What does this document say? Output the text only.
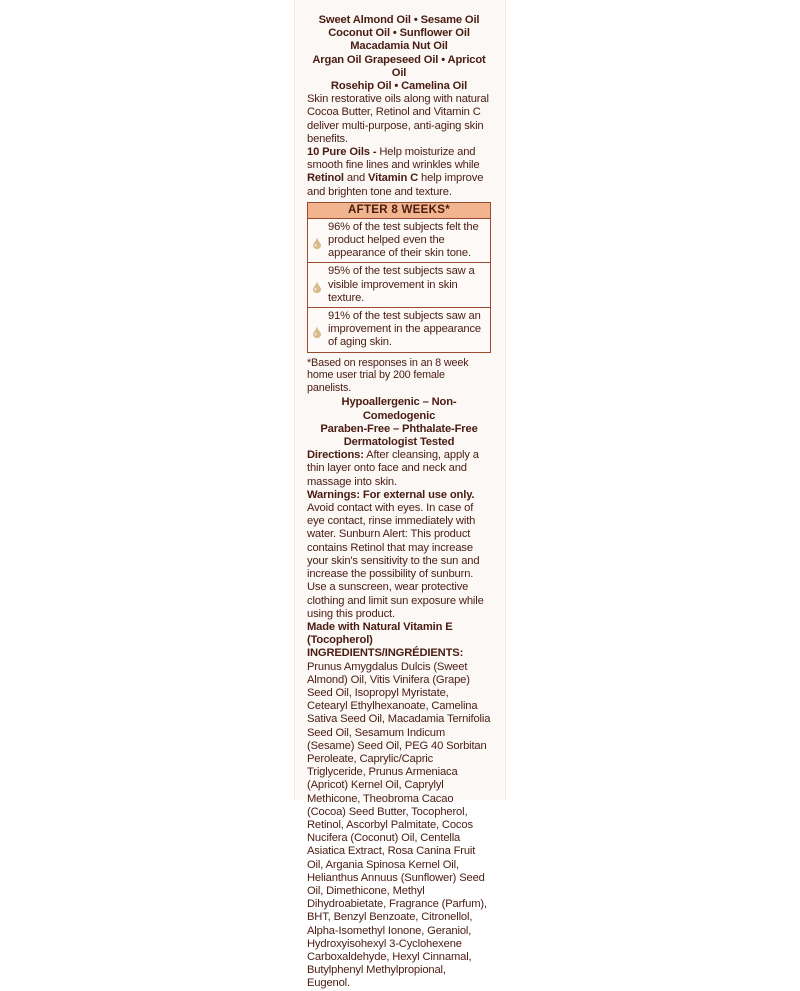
Sweet Almond Oil • Sesame Oil
Coconut Oil • Sunflower Oil
Macadamia Nut Oil
Argan Oil Grapeseed Oil • Apricot Oil
Rosehip Oil • Camelina Oil

Skin restorative oils along with natural Cocoa Butter, Retinol and Vitamin C deliver multi-purpose, anti-aging skin benefits.

10 Pure Oils - Help moisturize and smooth fine lines and wrinkles while Retinol and Vitamin C help improve and brighten tone and texture.

AFTER 8 WEEKS*
96% of the test subjects felt the product helped even the appearance of their skin tone.
95% of the test subjects saw a visible improvement in skin texture.
91% of the test subjects saw an improvement in the appearance of aging skin.
*Based on responses in an 8 week home user trial by 200 female panelists.
Hypoallergenic – Non-Comedogenic
Paraben-Free – Phthalate-Free
Dermatologist Tested

Directions: After cleansing, apply a thin layer onto face and neck and massage into skin.

Warnings: For external use only. Avoid contact with eyes. In case of eye contact, rinse immediately with water. Sunburn Alert: This product contains Retinol that may increase your skin's sensitivity to the sun and increase the possibility of sunburn. Use a sunscreen, wear protective clothing and limit sun exposure while using this product.

Made with Natural Vitamin E (Tocopherol)

INGREDIENTS/INGRÉDIENTS: Prunus Amygdalus Dulcis (Sweet Almond) Oil, Vitis Vinifera (Grape) Seed Oil, Isopropyl Myristate, Cetearyl Ethylhexanoate, Camelina Sativa Seed Oil, Macadamia Ternifolia Seed Oil, Sesamum Indicum (Sesame) Seed Oil, PEG 40 Sorbitan Peroleate, Caprylic/Capric Triglyceride, Prunus Armeniaca (Apricot) Kernel Oil, Caprylyl Methicone, Theobroma Cacao (Cocoa) Seed Butter, Tocopherol, Retinol, Ascorbyl Palmitate, Cocos Nucifera (Coconut) Oil, Centella Asiatica Extract, Rosa Canina Fruit Oil, Argania Spinosa Kernel Oil, Helianthus Annuus (Sunflower) Seed Oil, Dimethicone, Methyl Dihydroabietate, Fragrance (Parfum), BHT, Benzyl Benzoate, Citronellol, Alpha-Isomethyl Ionone, Geraniol, Hydroxyisohexyl 3-Cyclohexene Carboxaldehyde, Hexyl Cinnamal, Butylphenyl Methylpropional, Eugenol.
